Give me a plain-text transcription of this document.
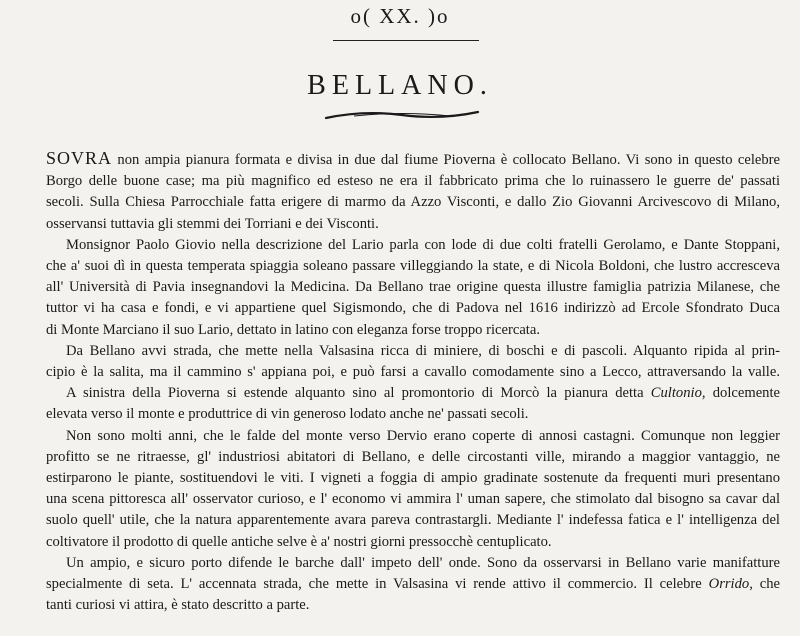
o( XX. )o
BELLANO.
SOVRA non ampia pianura formata e divisa in due dal fiume Pioverna è collocato Bellano. Vi sono in questo celebre
Borgo delle buone case; ma più magnifico ed esteso ne era il fabbricato prima che lo ruinassero le guerre de' passati
secoli. Sulla Chiesa Parrocchiale fatta erigere di marmo da Azzo Visconti, e dallo Zio Giovanni Arcivescovo di Milano,
osservansi tuttavia gli stemmi dei Torriani e dei Visconti.
Monsignor Paolo Giovio nella descrizione del Lario parla con lode di due colti fratelli Gerolamo, e Dante Stoppani,
che a' suoi dì in questa temperata spiaggia soleano passare villeggiando la state, e di Nicola Boldoni, che lustro accresceva
all' Università di Pavia insegnandovi la Medicina. Da Bellano trae origine questa illustre famiglia patrizia Milanese, che
tuttor vi ha casa e fondi, e vi appartiene quel Sigismondo, che di Padova nel 1616 indirizzò ad Ercole Sfondrato Duca
di Monte Marciano il suo Lario, dettato in latino con eleganza forse troppo ricercata.
Da Bellano avvi strada, che mette nella Valsasina ricca di miniere, di boschi e di pascoli. Alquanto ripida al prin-
cipio è la salita, ma il cammino s' appiana poi, e può farsi a cavallo comodamente sino a Lecco, attraversando la valle.
A sinistra della Pioverna si estende alquanto sino al promontorio di Morcò la pianura detta Cultonio, dolcemente
elevata verso il monte e produttrice di vin generoso lodato anche ne' passati secoli.
Non sono molti anni, che le falde del monte verso Dervio erano coperte di annosi castagni. Comunque non leggier
profitto se ne ritraesse, gl' industriosi abitatori di Bellano, e delle circostanti ville, mirando a maggior vantaggio, ne
estirparono le piante, sostituendovi le viti. I vigneti a foggia di ampio gradinate sostenute da frequenti muri presentano
una scena pittoresca all' osservator curioso, e l' economo vi ammira l' uman sapere, che stimolato dal bisogno sa cavar dal
suolo quell' utile, che la natura apparentemente avara pareva contrastargli. Mediante l' indefessa fatica e l' intelligenza del
coltivatore il prodotto di quelle antiche selve è a' nostri giorni pressocchè centuplicato.
Un ampio, e sicuro porto difende le barche dall' impeto dell' onde. Sono da osservarsi in Bellano varie manifatture
specialmente di seta. L' accennata strada, che mette in Valsasina vi rende attivo il commercio. Il celebre Orrido, che
tanti curiosi vi attira, è stato descritto a parte.
